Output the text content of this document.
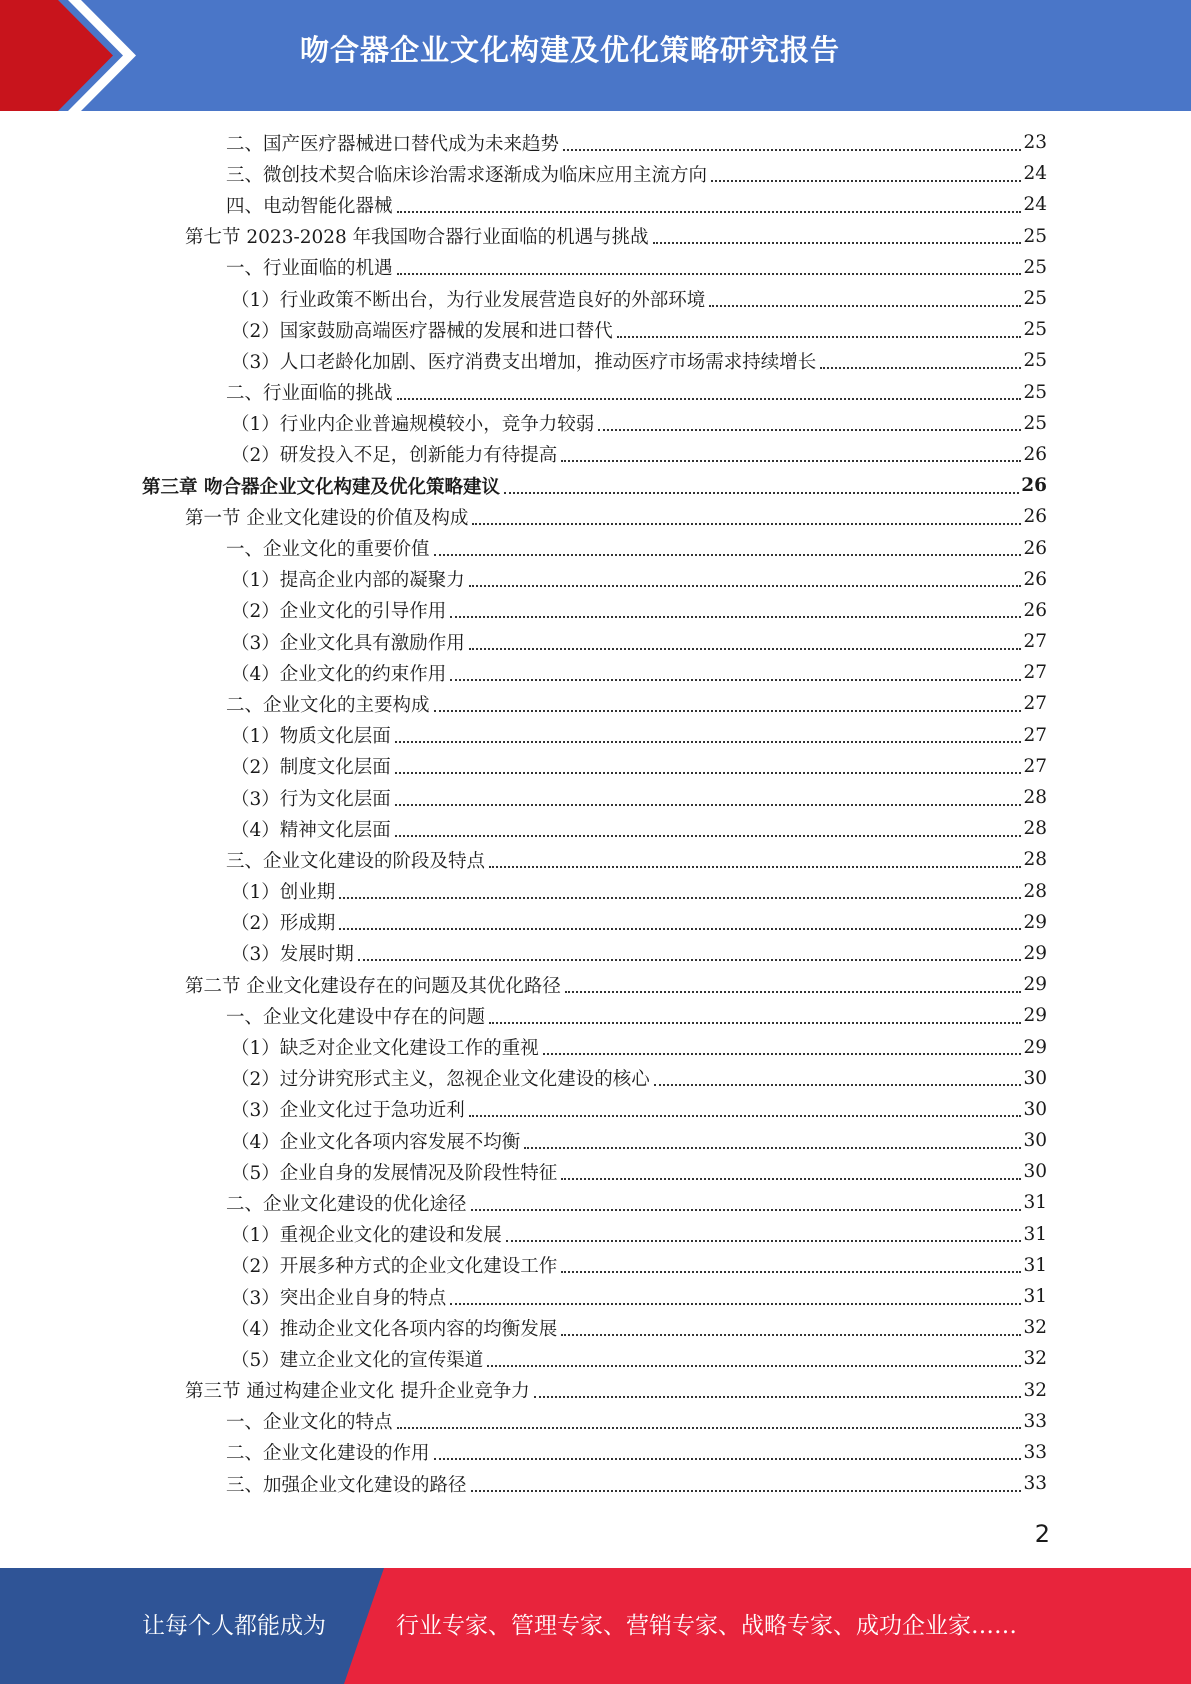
吻合器企业文化构建及优化策略研究报告
二、国产医疗器械进口替代成为未来趋势	23
三、微创技术契合临床诊治需求逐渐成为临床应用主流方向	24
四、电动智能化器械	24
第七节 2023-2028 年我国吻合器行业面临的机遇与挑战	25
一、行业面临的机遇	25
（1）行业政策不断出台，为行业发展营造良好的外部环境	25
（2）国家鼓励高端医疗器械的发展和进口替代	25
（3）人口老龄化加剧、医疗消费支出增加，推动医疗市场需求持续增长	25
二、行业面临的挑战	25
（1）行业内企业普遍规模较小，竞争力较弱	25
（2）研发投入不足，创新能力有待提高	26
第三章 吻合器企业文化构建及优化策略建议	26
第一节 企业文化建设的价值及构成	26
一、企业文化的重要价值	26
（1）提高企业内部的凝聚力	26
（2）企业文化的引导作用	26
（3）企业文化具有激励作用	27
（4）企业文化的约束作用	27
二、企业文化的主要构成	27
（1）物质文化层面	27
（2）制度文化层面	27
（3）行为文化层面	28
（4）精神文化层面	28
三、企业文化建设的阶段及特点	28
（1）创业期	28
（2）形成期	29
（3）发展时期	29
第二节 企业文化建设存在的问题及其优化路径	29
一、企业文化建设中存在的问题	29
（1）缺乏对企业文化建设工作的重视	29
（2）过分讲究形式主义，忽视企业文化建设的核心	30
（3）企业文化过于急功近利	30
（4）企业文化各项内容发展不均衡	30
（5）企业自身的发展情况及阶段性特征	30
二、企业文化建设的优化途径	31
（1）重视企业文化的建设和发展	31
（2）开展多种方式的企业文化建设工作	31
（3）突出企业自身的特点	31
（4）推动企业文化各项内容的均衡发展	32
（5）建立企业文化的宣传渠道	32
第三节 通过构建企业文化 提升企业竞争力	32
一、企业文化的特点	33
二、企业文化建设的作用	33
三、加强企业文化建设的路径	33
2
让每个人都能成为	行业专家、管理专家、营销专家、战略专家、成功企业家……
